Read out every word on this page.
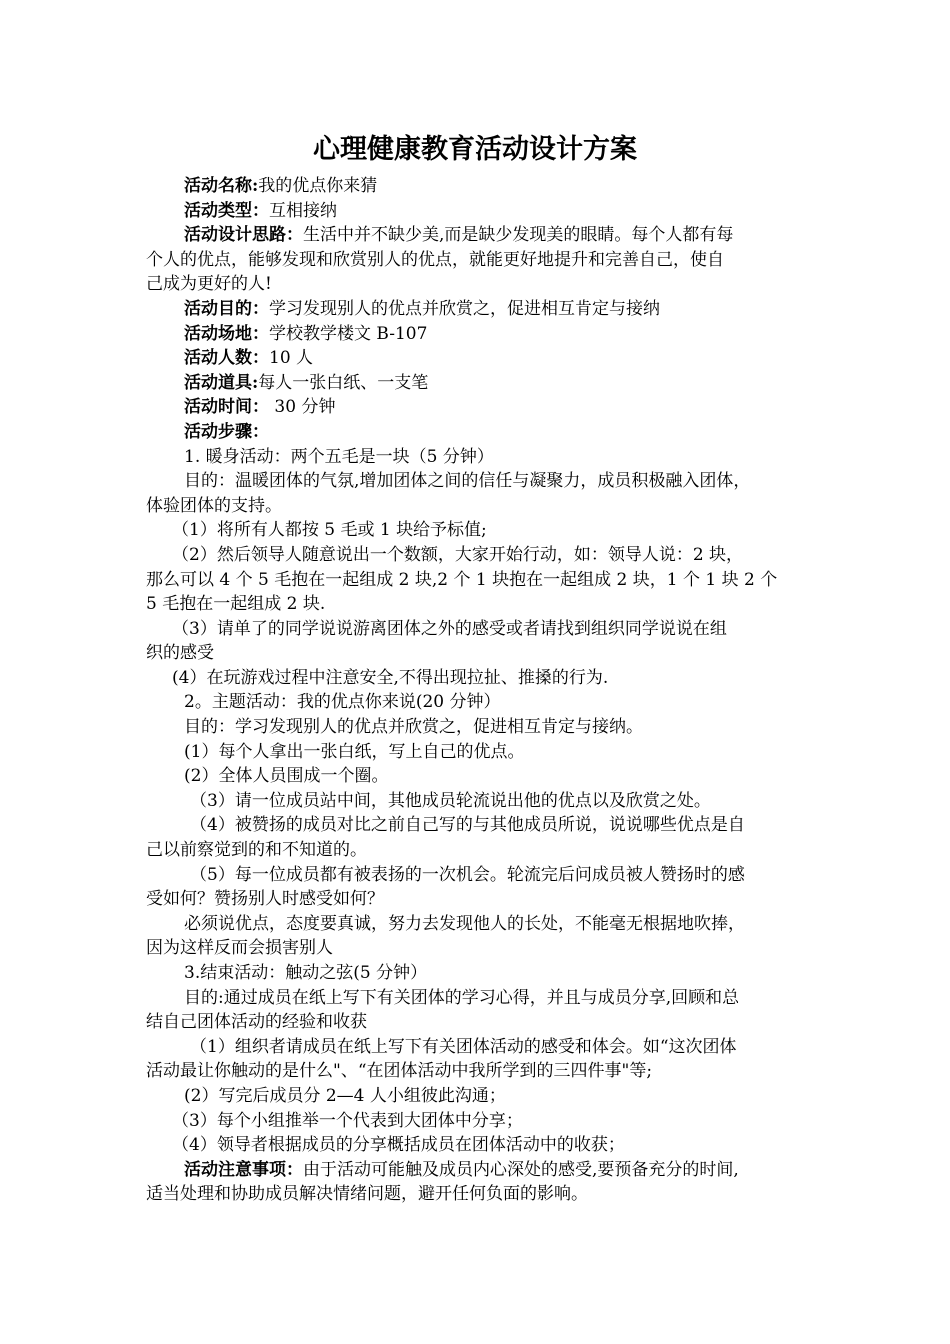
心理健康教育活动设计方案
活动名称:我的优点你来猜
活动类型：互相接纳
活动设计思路：生活中并不缺少美,而是缺少发现美的眼睛。每个人都有每
个人的优点，能够发现和欣赏别人的优点，就能更好地提升和完善自己，使自
己成为更好的人!
活动目的：学习发现别人的优点并欣赏之，促进相互肯定与接纳
活动场地：学校教学楼文 B-107
活动人数：10 人
活动道具:每人一张白纸、一支笔
活动时间： 30 分钟
活动步骤：
1. 暖身活动：两个五毛是一块（5 分钟）
目的：温暖团体的气氛,增加团体之间的信任与凝聚力，成员积极融入团体，
体验团体的支持。
（1）将所有人都按 5 毛或 1 块给予标值;
（2）然后领导人随意说出一个数额，大家开始行动，如：领导人说：2 块，
那么可以 4 个 5 毛抱在一起组成 2 块,2 个 1 块抱在一起组成 2 块，1 个 1 块 2 个
5 毛抱在一起组成 2 块.
（3）请单了的同学说说游离团体之外的感受或者请找到组织同学说说在组
织的感受
(4）在玩游戏过程中注意安全,不得出现拉扯、推搡的行为.
2。主题活动：我的优点你来说(20 分钟）
目的：学习发现别人的优点并欣赏之，促进相互肯定与接纳。
(1）每个人拿出一张白纸，写上自己的优点。
(2）全体人员围成一个圈。
（3）请一位成员站中间，其他成员轮流说出他的优点以及欣赏之处。
（4）被赞扬的成员对比之前自己写的与其他成员所说，说说哪些优点是自
己以前察觉到的和不知道的。
（5）每一位成员都有被表扬的一次机会。轮流完后问成员被人赞扬时的感
受如何？赞扬别人时感受如何？
必须说优点，态度要真诚，努力去发现他人的长处，不能毫无根据地吹捧，
因为这样反而会损害别人
3.结束活动：触动之弦(5 分钟）
目的:通过成员在纸上写下有关团体的学习心得，并且与成员分享,回顾和总
结自己团体活动的经验和收获
（1）组织者请成员在纸上写下有关团体活动的感受和体会。如“这次团体
活动最让你触动的是什么"、“在团体活动中我所学到的三四件事"等;
(2）写完后成员分 2—4 人小组彼此沟通；
（3）每个小组推举一个代表到大团体中分享；
（4）领导者根据成员的分享概括成员在团体活动中的收获；
活动注意事项：由于活动可能触及成员内心深处的感受,要预备充分的时间,
适当处理和协助成员解决情绪问题，避开任何负面的影响。
